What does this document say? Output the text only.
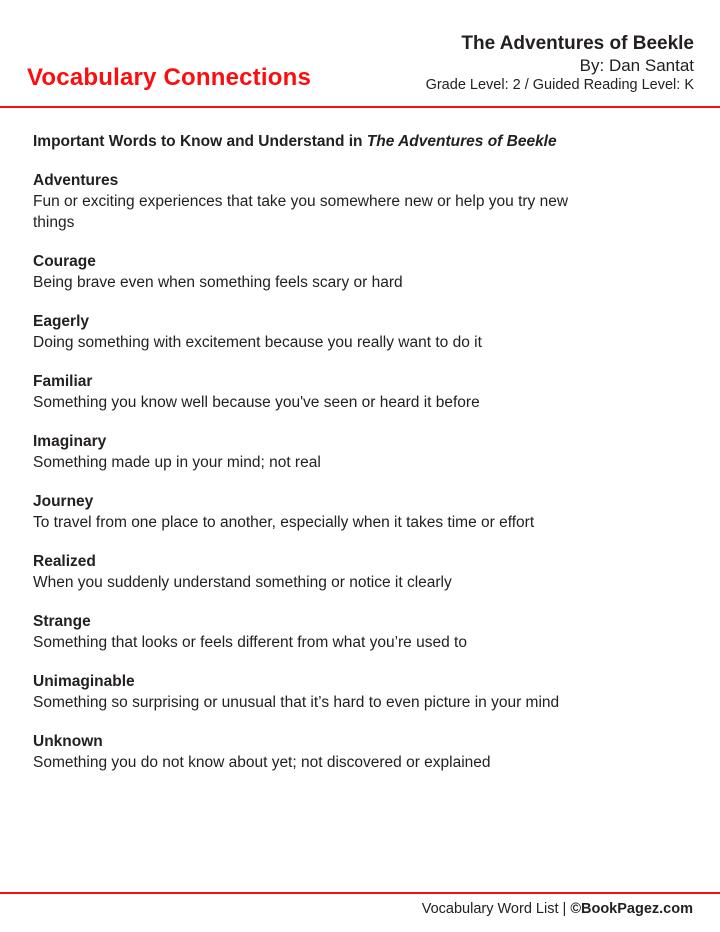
Vocabulary Connections
The Adventures of Beekle
By: Dan Santat
Grade Level: 2 / Guided Reading Level: K
Important Words to Know and Understand in The Adventures of Beekle
Adventures
Fun or exciting experiences that take you somewhere new or help you try new things
Courage
Being brave even when something feels scary or hard
Eagerly
Doing something with excitement because you really want to do it
Familiar
Something you know well because you've seen or heard it before
Imaginary
Something made up in your mind; not real
Journey
To travel from one place to another, especially when it takes time or effort
Realized
When you suddenly understand something or notice it clearly
Strange
Something that looks or feels different from what you’re used to
Unimaginable
Something so surprising or unusual that it’s hard to even picture in your mind
Unknown
Something you do not know about yet; not discovered or explained
Vocabulary Word List | ©BookPagez.com
